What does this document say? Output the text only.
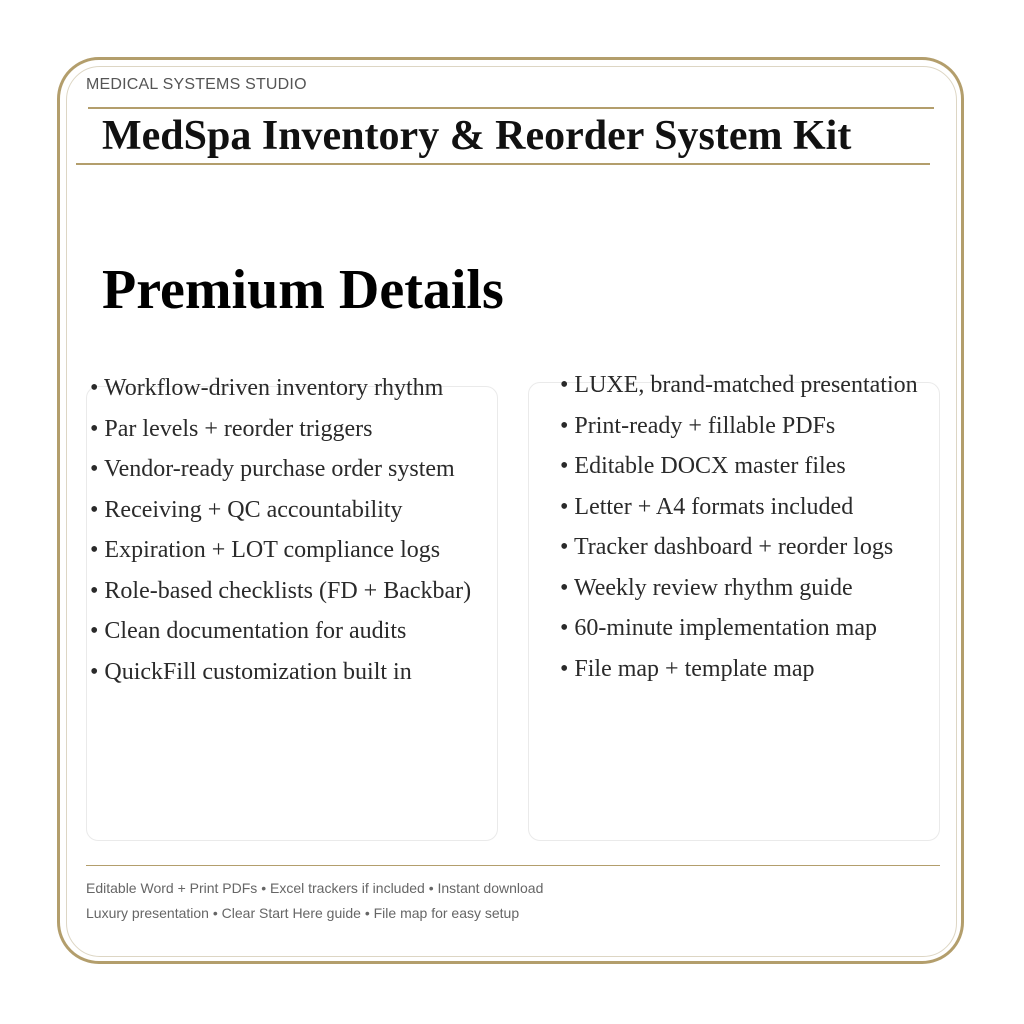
MEDICAL SYSTEMS STUDIO
MedSpa Inventory & Reorder System Kit
Premium Details
• Workflow-driven inventory rhythm
• Par levels + reorder triggers
• Vendor-ready purchase order system
• Receiving + QC accountability
• Expiration + LOT compliance logs
• Role-based checklists (FD + Backbar)
• Clean documentation for audits
• QuickFill customization built in
• LUXE, brand-matched presentation
• Print-ready + fillable PDFs
• Editable DOCX master files
• Letter + A4 formats included
• Tracker dashboard + reorder logs
• Weekly review rhythm guide
• 60-minute implementation map
• File map + template map
Editable Word + Print PDFs • Excel trackers if included • Instant download
Luxury presentation • Clear Start Here guide • File map for easy setup
